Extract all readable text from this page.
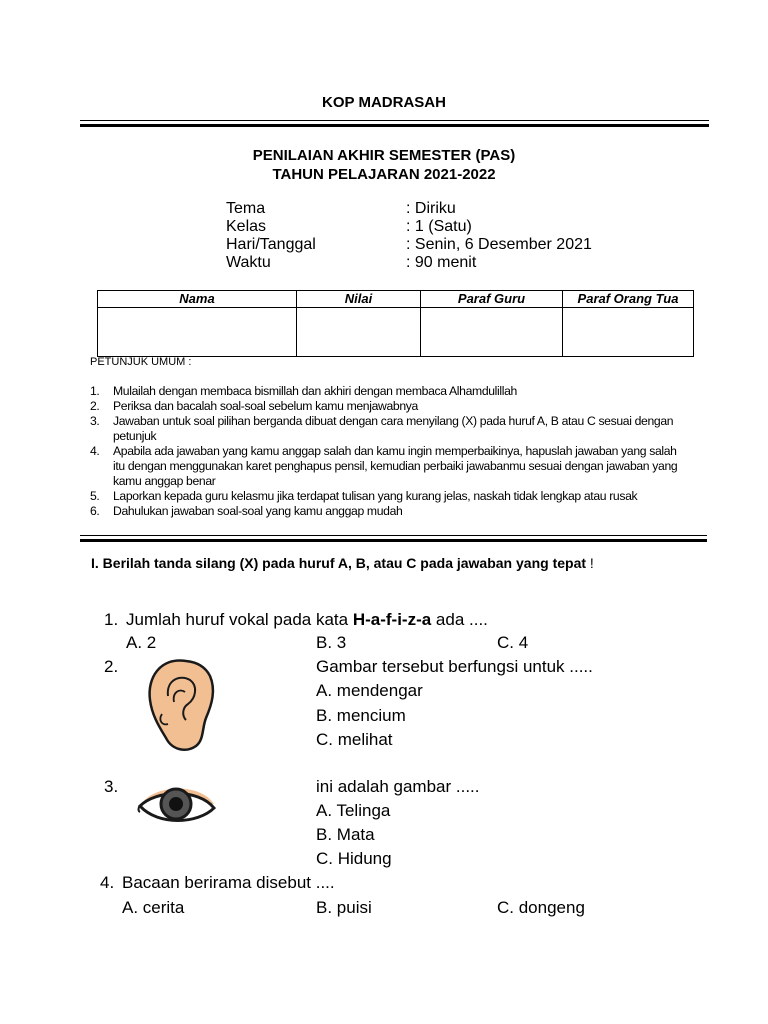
KOP MADRASAH
PENILAIAN AKHIR SEMESTER (PAS)
TAHUN PELAJARAN 2021-2022
Tema	: Diriku
Kelas	: 1 (Satu)
Hari/Tanggal	: Senin, 6 Desember 2021
Waktu	: 90 menit
Nama	Nilai	Paraf Guru	Paraf Orang Tua

PETUNJUK UMUM :
1. Mulailah dengan membaca bismillah dan akhiri dengan membaca Alhamdulillah
2. Periksa dan bacalah soal-soal sebelum kamu menjawabnya
3. Jawaban untuk soal pilihan berganda dibuat dengan cara menyilang (X) pada huruf A, B atau C sesuai dengan petunjuk
4. Apabila ada jawaban yang kamu anggap salah dan kamu ingin memperbaikinya, hapuslah jawaban yang salah itu dengan menggunakan karet penghapus pensil, kemudian perbaiki jawabanmu sesuai dengan jawaban yang kamu anggap benar
5. Laporkan kepada guru kelasmu jika terdapat tulisan yang kurang jelas, naskah tidak lengkap atau rusak
6. Dahulukan jawaban soal-soal yang kamu anggap mudah
I. Berilah tanda silang (X) pada huruf A, B, atau C pada jawaban yang tepat !
1. Jumlah huruf vokal pada kata H-a-f-i-z-a ada ....
A. 2	B. 3	C. 4
2.	Gambar tersebut berfungsi untuk .....
A. mendengar
B. mencium
C. melihat
3.	ini adalah gambar .....
A. Telinga
B. Mata
C. Hidung
4. Bacaan berirama disebut ....
A. cerita	B. puisi	C. dongeng
